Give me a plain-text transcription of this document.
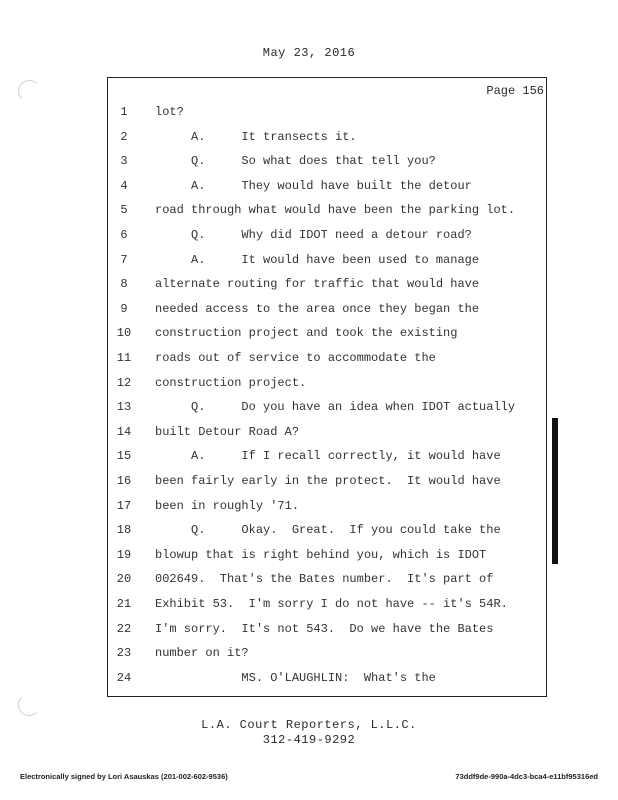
May 23, 2016
Page 156
1	lot?
2	A.     It transects it.
3	Q.     So what does that tell you?
4	A.     They would have built the detour
5	road through what would have been the parking lot.
6	Q.     Why did IDOT need a detour road?
7	A.     It would have been used to manage
8	alternate routing for traffic that would have
9	needed access to the area once they began the
10	construction project and took the existing
11	roads out of service to accommodate the
12	construction project.
13	Q.     Do you have an idea when IDOT actually
14	built Detour Road A?
15	A.     If I recall correctly, it would have
16	been fairly early in the protect.  It would have
17	been in roughly '71.
18	Q.     Okay.  Great.  If you could take the
19	blowup that is right behind you, which is IDOT
20	002649.  That's the Bates number.  It's part of
21	Exhibit 53.  I'm sorry I do not have -- it's 54R.
22	I'm sorry.  It's not 543.  Do we have the Bates
23	number on it?
24	MS. O'LAUGHLIN:  What's the
L.A. Court Reporters, L.L.C.
312-419-9292
Electronically signed by Lori Asauskas (201-002-602-9536)	73ddf9de-990a-4dc3-bca4-e11bf95316ed
